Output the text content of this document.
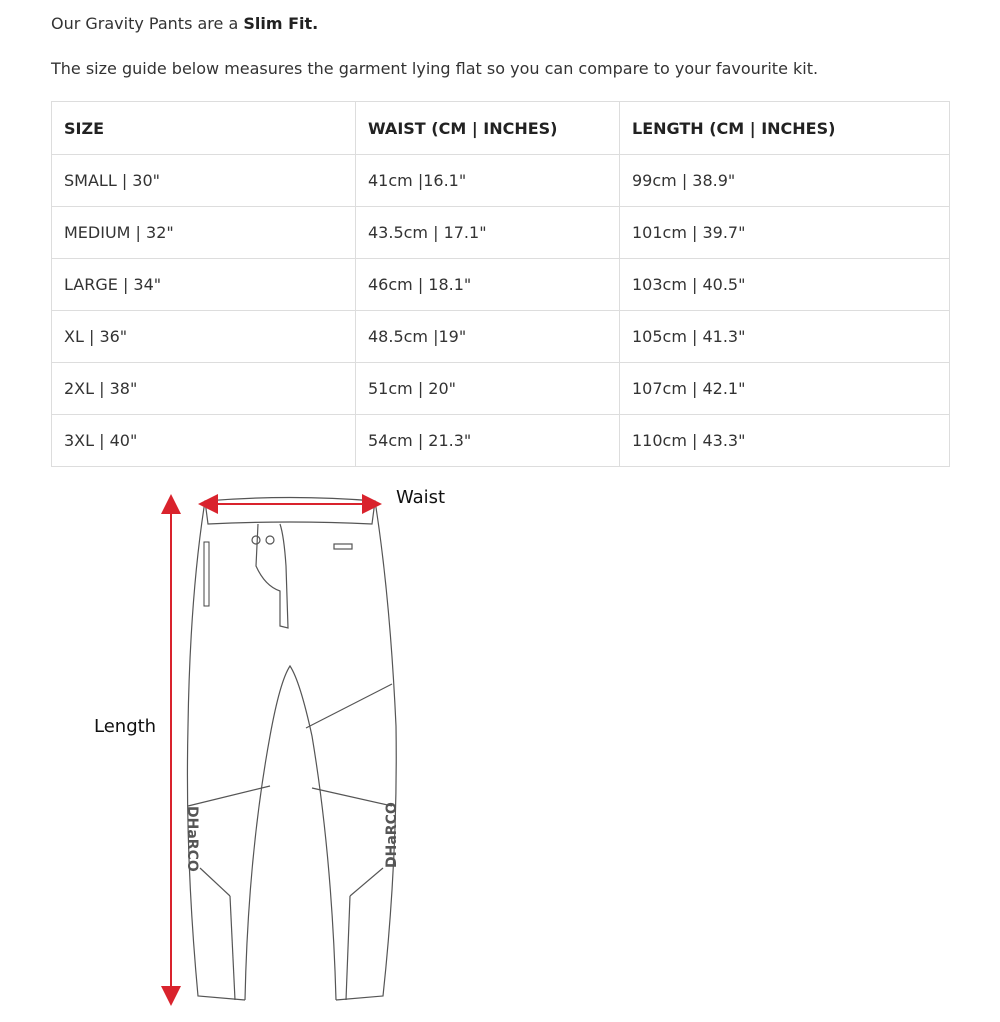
Our Gravity Pants are a Slim Fit.

The size guide below measures the garment lying flat so you can compare to your favourite kit.

SIZE	WAIST (CM | INCHES)	LENGTH (CM | INCHES)
SMALL | 30"	41cm |16.1"	99cm | 38.9"
MEDIUM | 32"	43.5cm | 17.1"	101cm | 39.7"
LARGE | 34"	46cm | 18.1"	103cm | 40.5"
XL | 36"	48.5cm |19"	105cm | 41.3"
2XL | 38"	51cm | 20"	107cm | 42.1"
3XL | 40"	54cm | 21.3"	110cm | 43.3"
DHaRCO	DHaRCO
Waist
Length
